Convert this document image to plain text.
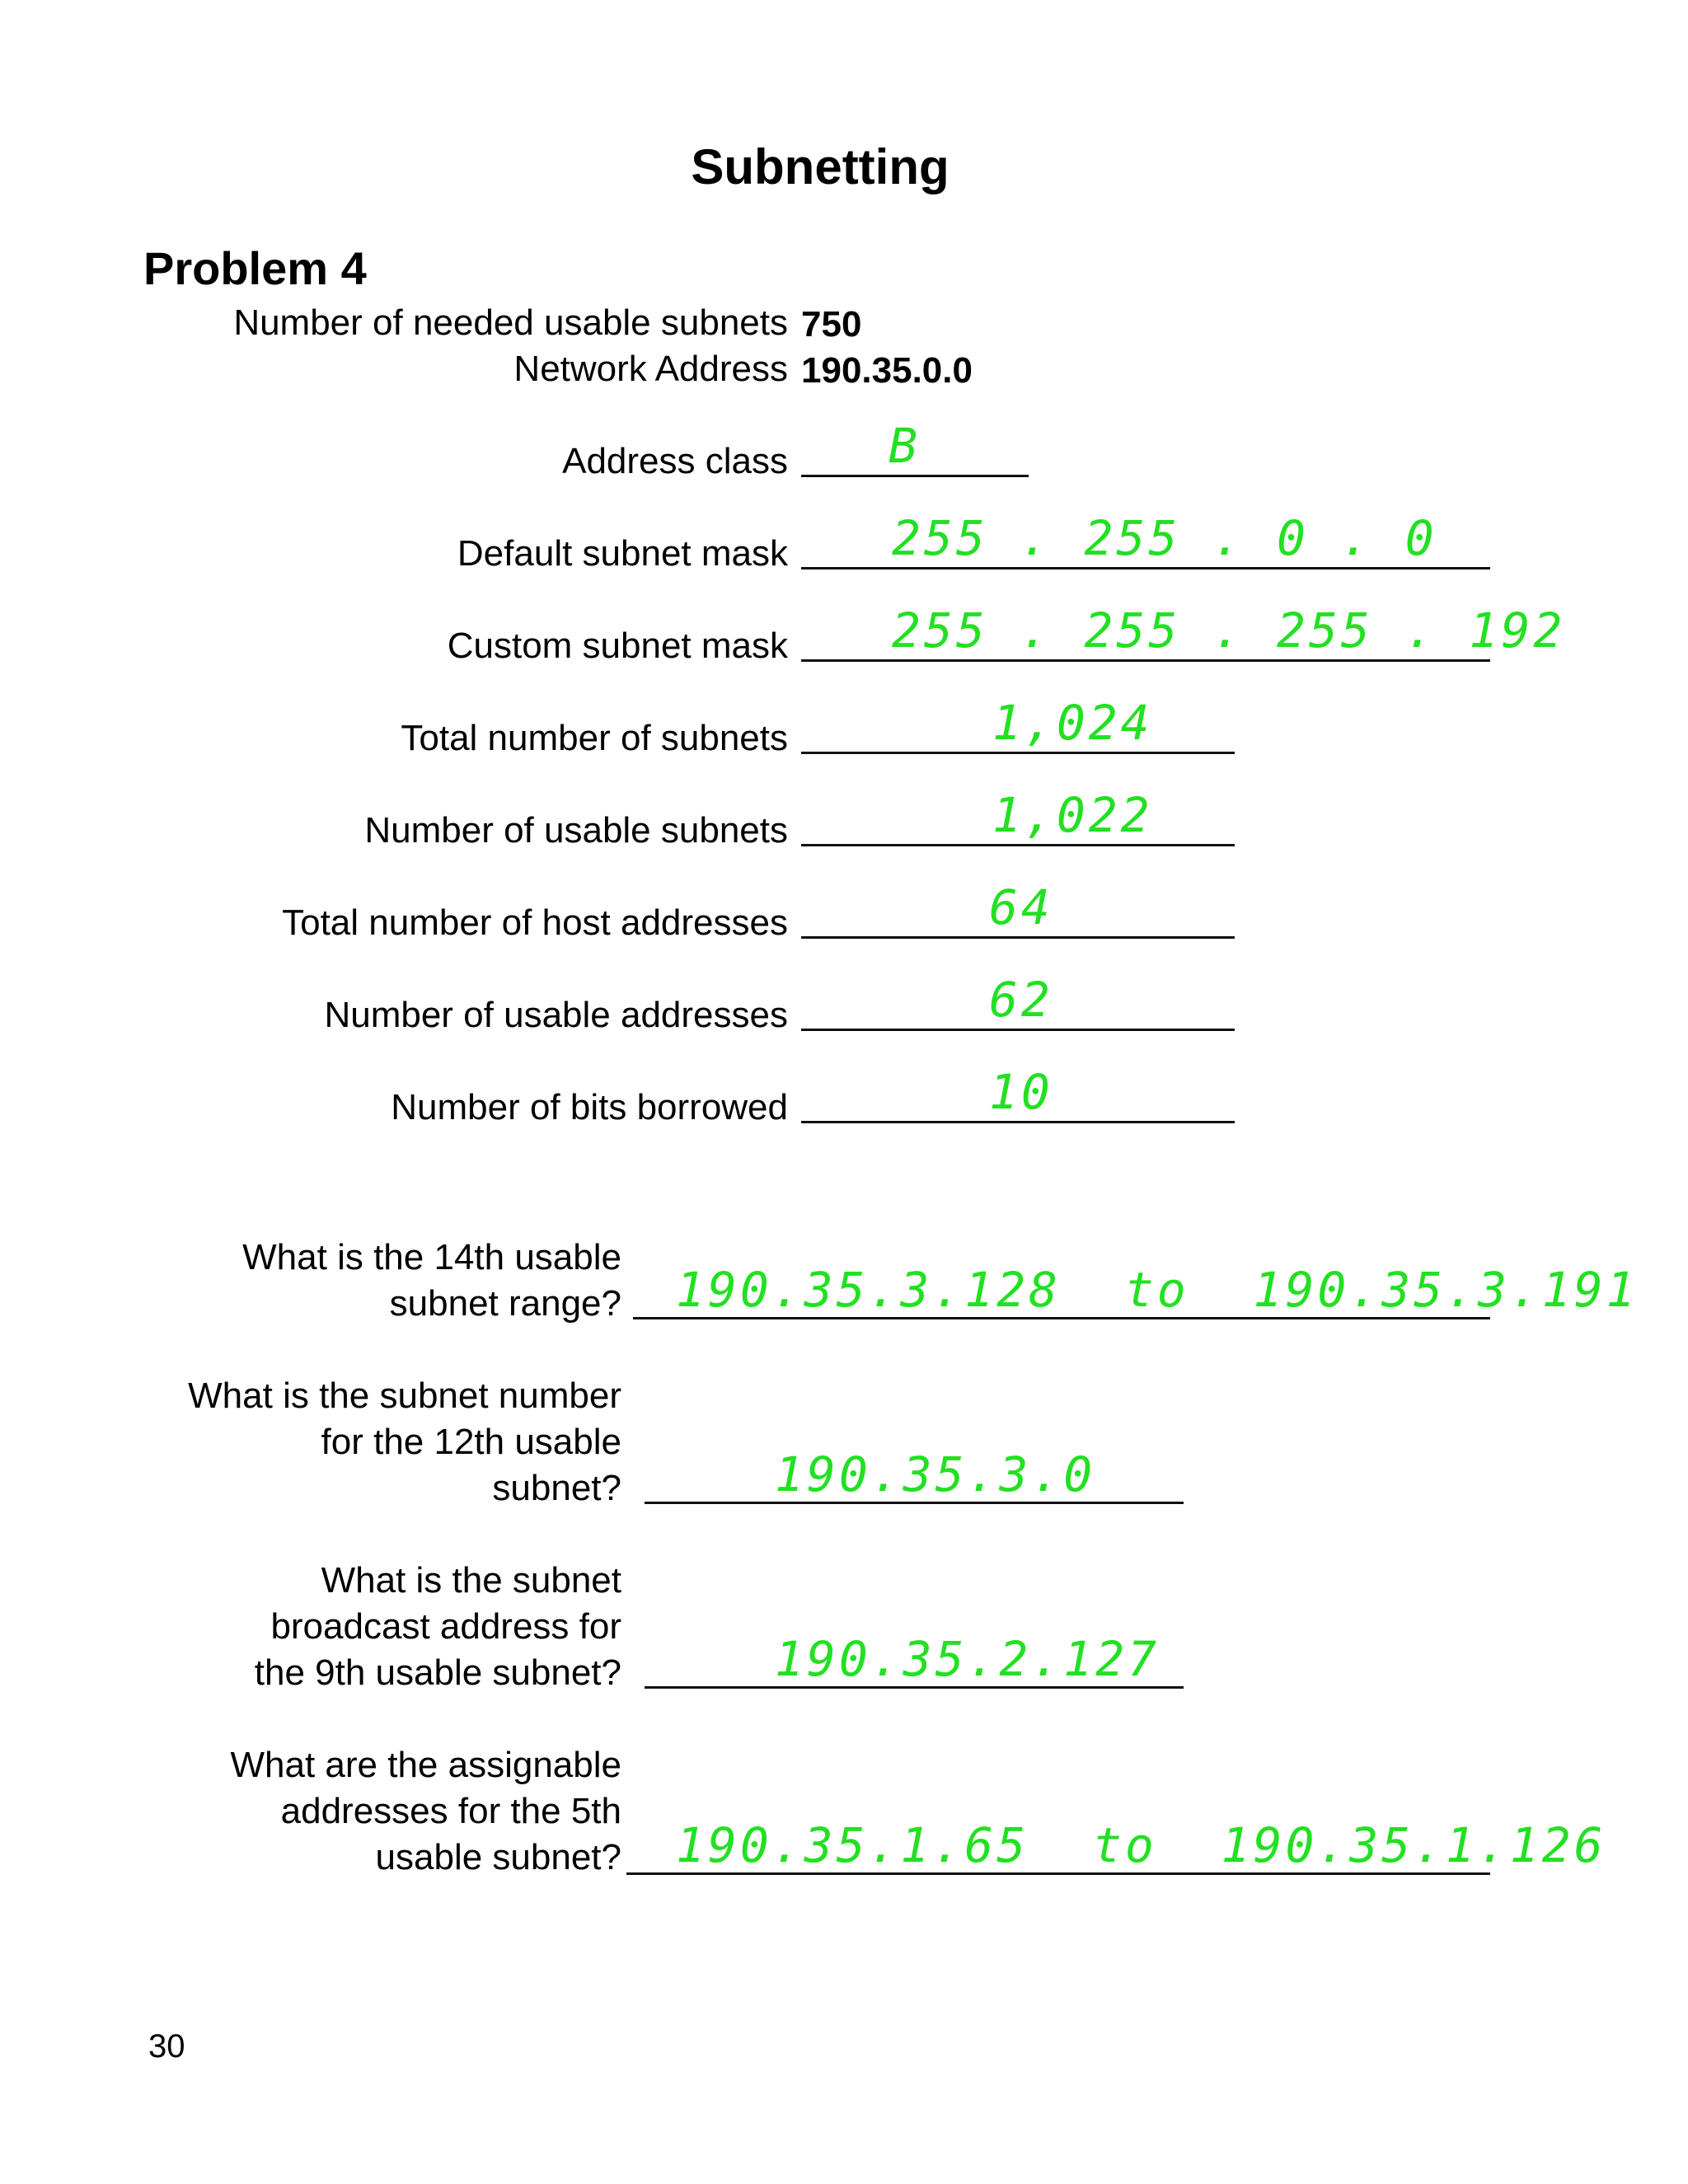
Subnetting
Problem 4
Number of needed usable subnets 750
Network Address 190.35.0.0
Address class B
Default subnet mask 255 . 255 . 0 . 0
Custom subnet mask 255 . 255 . 255 . 192
Total number of subnets	1,024
Number of usable subnets	1,022
Total number of host addresses	64
Number of usable addresses	62
Number of bits borrowed	10
What is the 14th usable
subnet range? 190.35.3.128  to  190.35.3.191
What is the subnet number
for the 12th usable
subnet?	190.35.3.0
What is the subnet
broadcast address for
the 9th usable subnet?	190.35.2.127
What are the assignable
addresses for the 5th
usable subnet? 190.35.1.65  to  190.35.1.126
30
